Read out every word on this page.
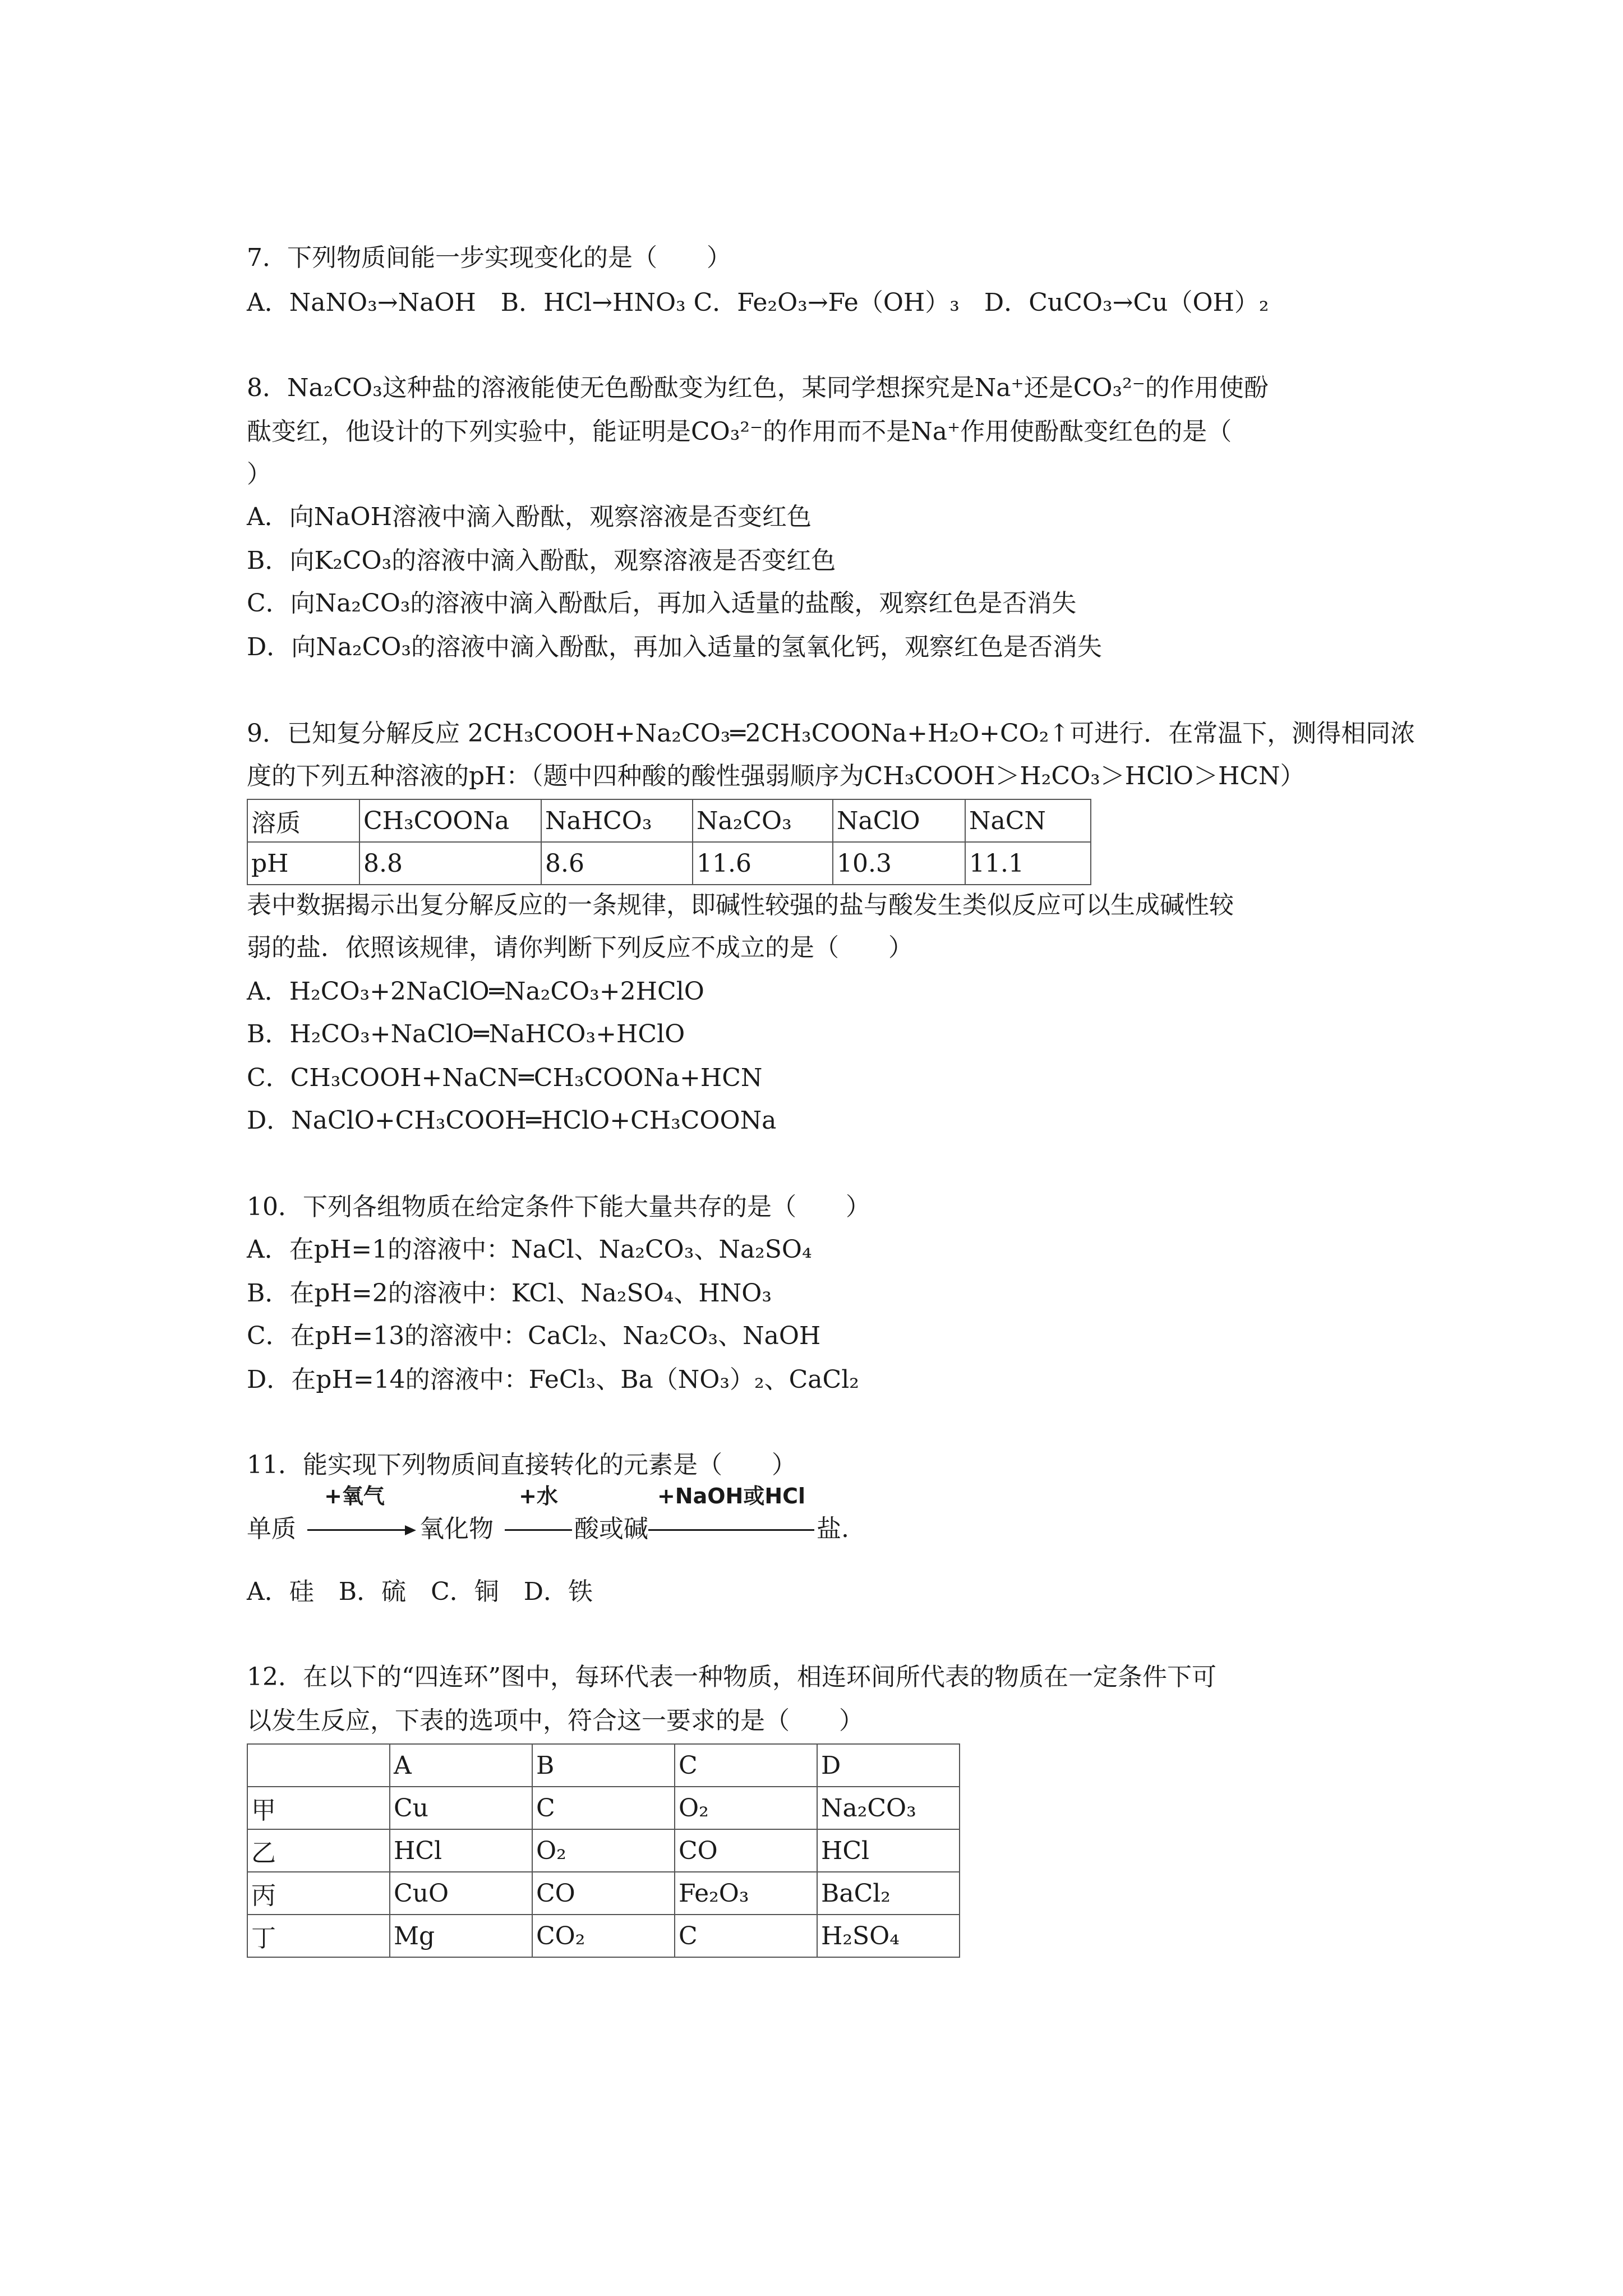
7．下列物质间能一步实现变化的是（　　）
A．NaNO₃→NaOH　B．HCl→HNO₃ C．Fe₂O₃→Fe（OH）₃　D．CuCO₃→Cu（OH）₂
8．Na₂CO₃这种盐的溶液能使无色酚酞变为红色，某同学想探究是Na⁺还是CO₃²⁻的作用使酚
酞变红，他设计的下列实验中，能证明是CO₃²⁻的作用而不是Na⁺作用使酚酞变红色的是（
）
A．向NaOH溶液中滴入酚酞，观察溶液是否变红色
B．向K₂CO₃的溶液中滴入酚酞，观察溶液是否变红色
C．向Na₂CO₃的溶液中滴入酚酞后，再加入适量的盐酸，观察红色是否消失
D．向Na₂CO₃的溶液中滴入酚酞，再加入适量的氢氧化钙，观察红色是否消失
9．已知复分解反应 2CH₃COOH+Na₂CO₃═2CH₃COONa+H₂O+CO₂↑可进行．在常温下，测得相同浓
度的下列五种溶液的pH：（题中四种酸的酸性强弱顺序为CH₃COOH＞H₂CO₃＞HClO＞HCN）
溶质	CH₃COONa	NaHCO₃	Na₂CO₃	NaClO	NaCN
pH	8.8	8.6	11.6	10.3	11.1
表中数据揭示出复分解反应的一条规律，即碱性较强的盐与酸发生类似反应可以生成碱性较
弱的盐．依照该规律，请你判断下列反应不成立的是（　　）
A．H₂CO₃+2NaClO═Na₂CO₃+2HClO
B．H₂CO₃+NaClO═NaHCO₃+HClO
C．CH₃COOH+NaCN═CH₃COONa+HCN
D．NaClO+CH₃COOH═HClO+CH₃COONa
10．下列各组物质在给定条件下能大量共存的是（　　）
A．在pH=1的溶液中：NaCl、Na₂CO₃、Na₂SO₄
B．在pH=2的溶液中：KCl、Na₂SO₄、HNO₃
C．在pH=13的溶液中：CaCl₂、Na₂CO₃、NaOH
D．在pH=14的溶液中：FeCl₃、Ba（NO₃）₂、CaCl₂
11．能实现下列物质间直接转化的元素是（　　）
单质
+氧气
氧化物
+水
酸或碱
+NaOH或HCl
盐.
A．硅　B．硫　C．铜　D．铁
12．在以下的“四连环”图中，每环代表一种物质，相连环间所代表的物质在一定条件下可
以发生反应，下表的选项中，符合这一要求的是（　　）
	A	B	C	D
甲	Cu	C	O₂	Na₂CO₃
乙	HCl	O₂	CO	HCl
丙	CuO	CO	Fe₂O₃	BaCl₂
丁	Mg	CO₂	C	H₂SO₄
